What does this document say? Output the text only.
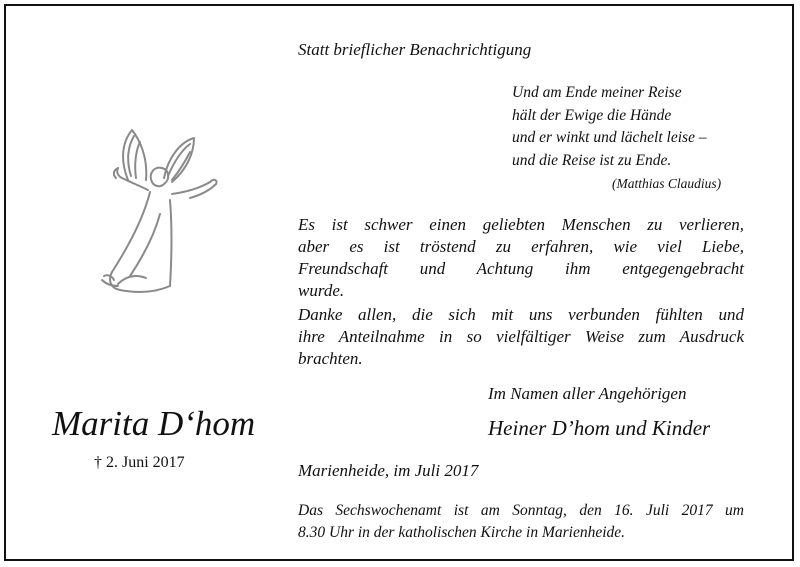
Statt brieflicher Benachrichtigung
Und am Ende meiner Reise
hält der Ewige die Hände
und er winkt und lächelt leise –
und die Reise ist zu Ende.
(Matthias Claudius)
Es ist schwer einen geliebten Menschen zu verlieren,
aber es ist tröstend zu erfahren, wie viel Liebe,
Freundschaft und Achtung ihm entgegengebracht
wurde.
Danke allen, die sich mit uns verbunden fühlten und
ihre Anteilnahme in so vielfältiger Weise zum Ausdruck
brachten.
Im Namen aller Angehörigen
Heiner D’hom und Kinder
Marita D‘hom
† 2. Juni 2017	Marienheide, im Juli 2017
Das Sechswochenamt ist am Sonntag, den 16. Juli 2017 um
8.30 Uhr in der katholischen Kirche in Marienheide.
